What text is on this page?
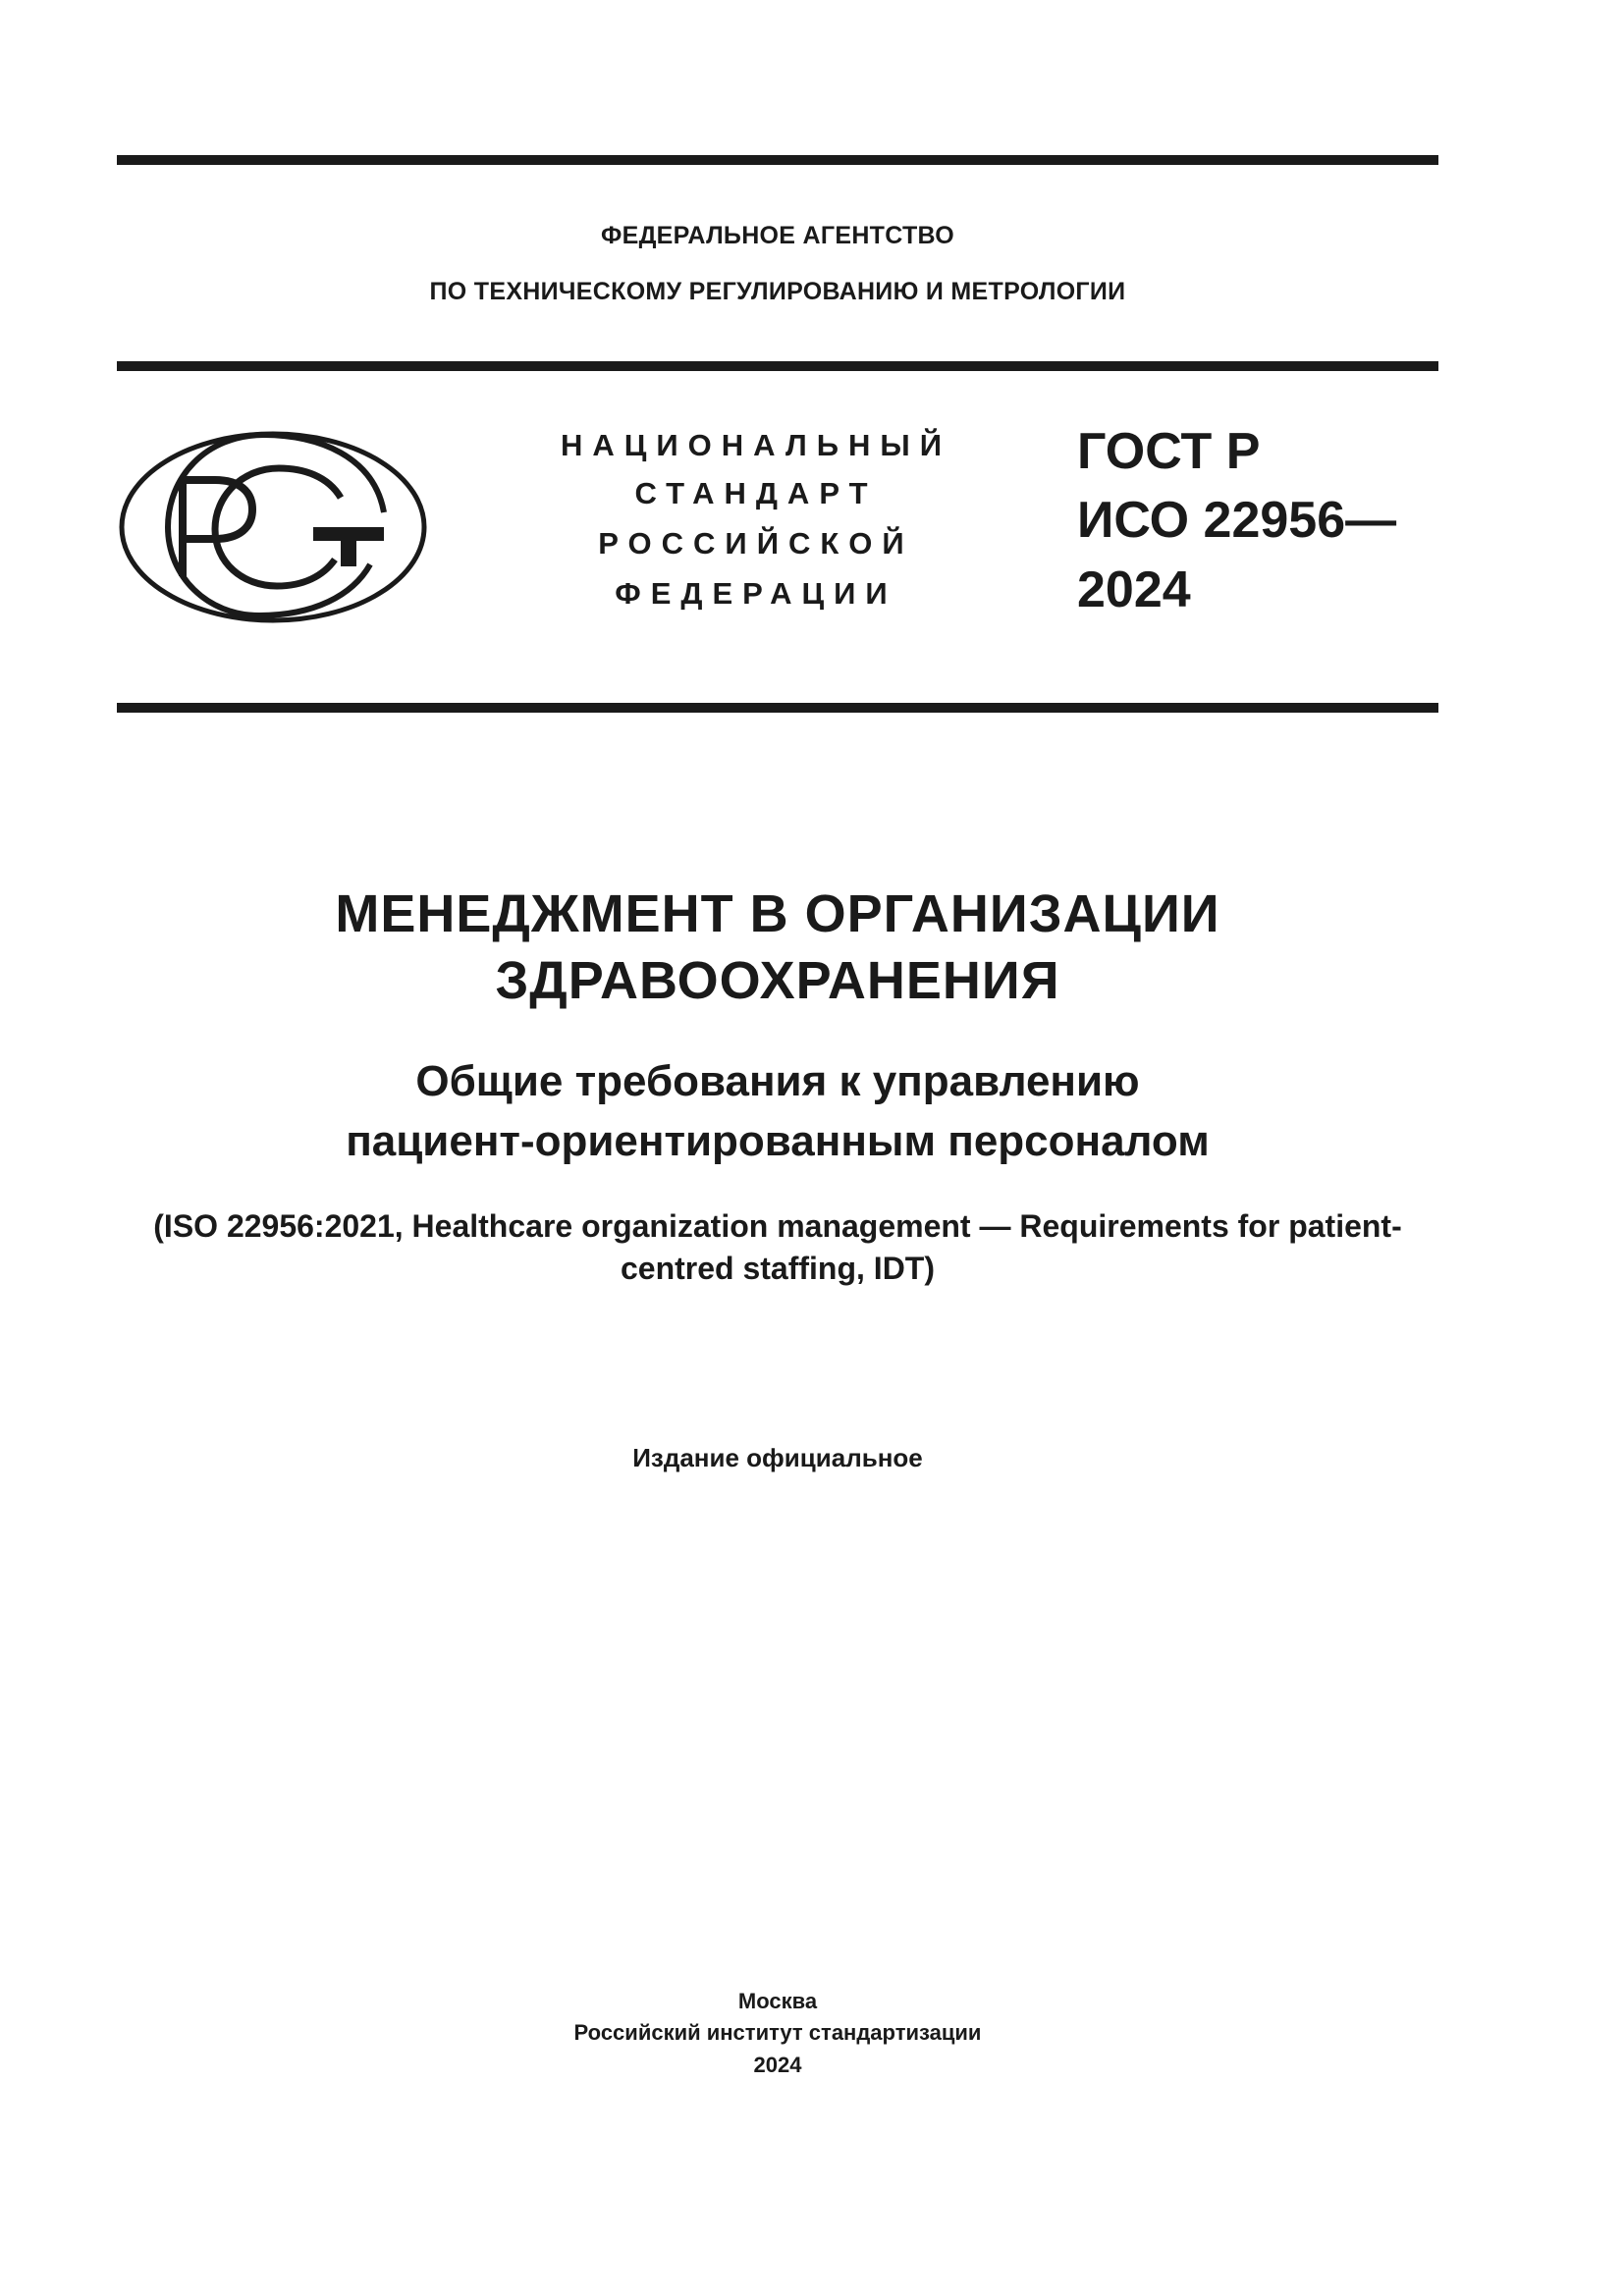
ФЕДЕРАЛЬНОЕ АГЕНТСТВО
ПО ТЕХНИЧЕСКОМУ РЕГУЛИРОВАНИЮ И МЕТРОЛОГИИ
НАЦИОНАЛЬНЫЙ
СТАНДАРТ
РОССИЙСКОЙ
ФЕДЕРАЦИИ
ГОСТ Р
ИСО 22956—
2024
МЕНЕДЖМЕНТ В ОРГАНИЗАЦИИ
ЗДРАВООХРАНЕНИЯ
Общие требования к управлению
пациент-ориентированным персоналом
(ISO 22956:2021, Healthcare organization management — Requirements for patient-
centred staffing, IDT)
Издание официальное
Москва
Российский институт стандартизации
2024
